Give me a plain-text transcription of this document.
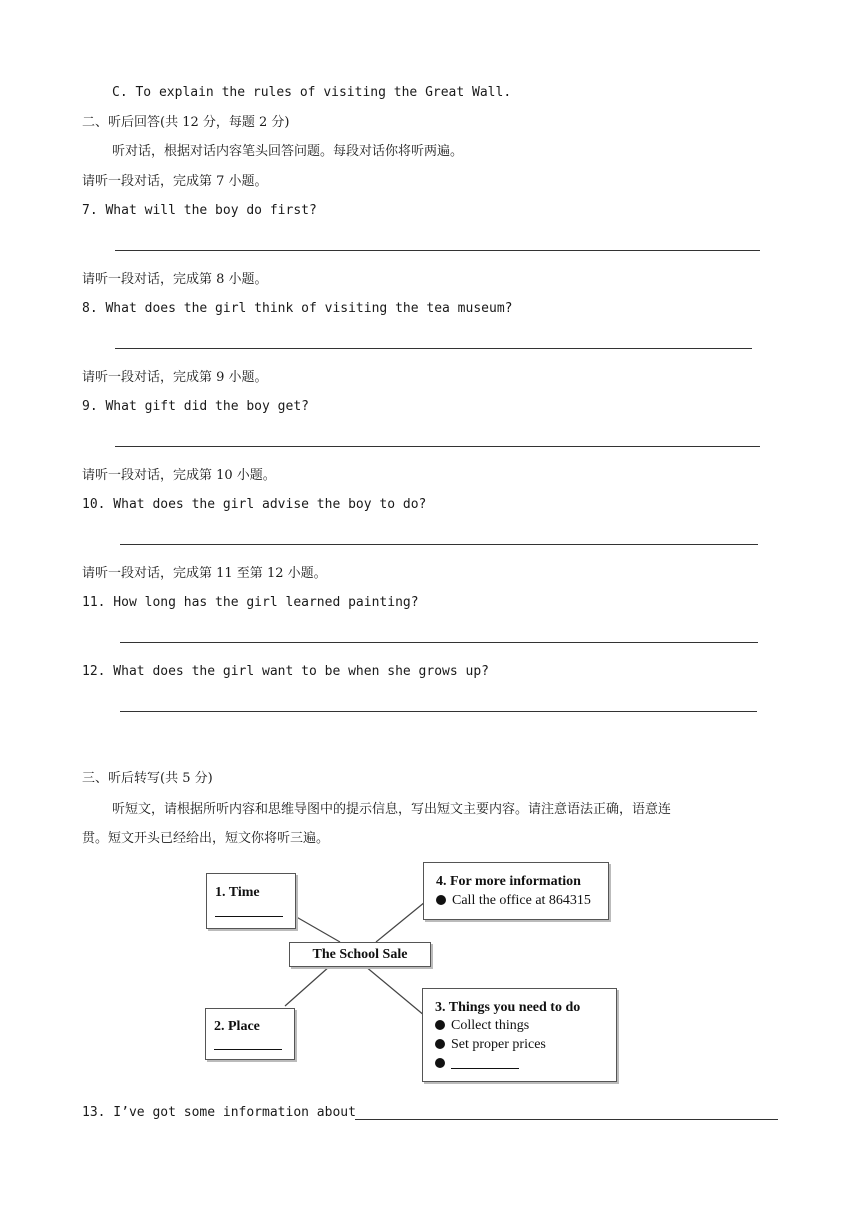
C. To explain the rules of visiting the Great Wall.
二、听后回答(共 12 分，每题 2 分)
听对话，根据对话内容笔头回答问题。每段对话你将听两遍。
请听一段对话，完成第 7 小题。
7. What will the boy do first?
请听一段对话，完成第 8 小题。
8. What does the girl think of visiting the tea museum?
请听一段对话，完成第 9 小题。
9. What gift did the boy get?
请听一段对话，完成第 10 小题。
10. What does the girl advise the boy to do?
请听一段对话，完成第 11 至第 12 小题。
11. How long has the girl learned painting?
12. What does the girl want to be when she grows up?
三、听后转写(共 5 分)
听短文，请根据所听内容和思维导图中的提示信息，写出短文主要内容。请注意语法正确，语意连
贯。短文开头已经给出，短文你将听三遍。
1. Time
4. For more information
Call the office at 864315
The School Sale
2. Place
3. Things you need to do
Collect things
Set proper prices
13. I’ve got some information about
